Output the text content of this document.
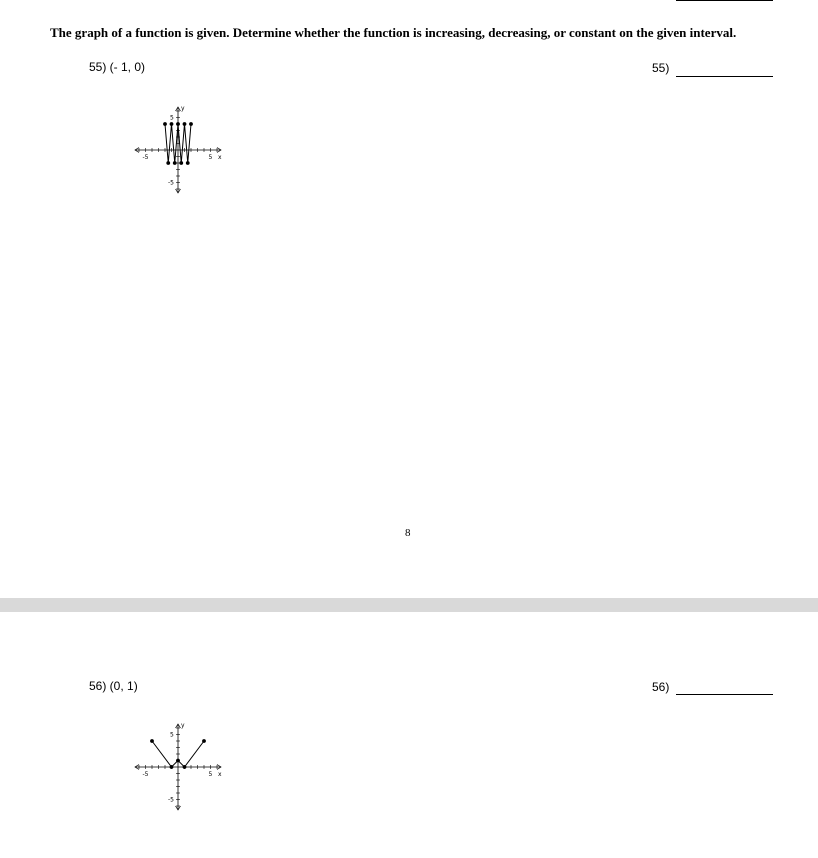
The graph of a function is given. Determine whether the function is increasing, decreasing, or constant on the given interval.
55) (- 1, 0)	55)
-5	5
5
-5
x
y
8
56) (0, 1)	56)
-5	5
5
-5
x
y
